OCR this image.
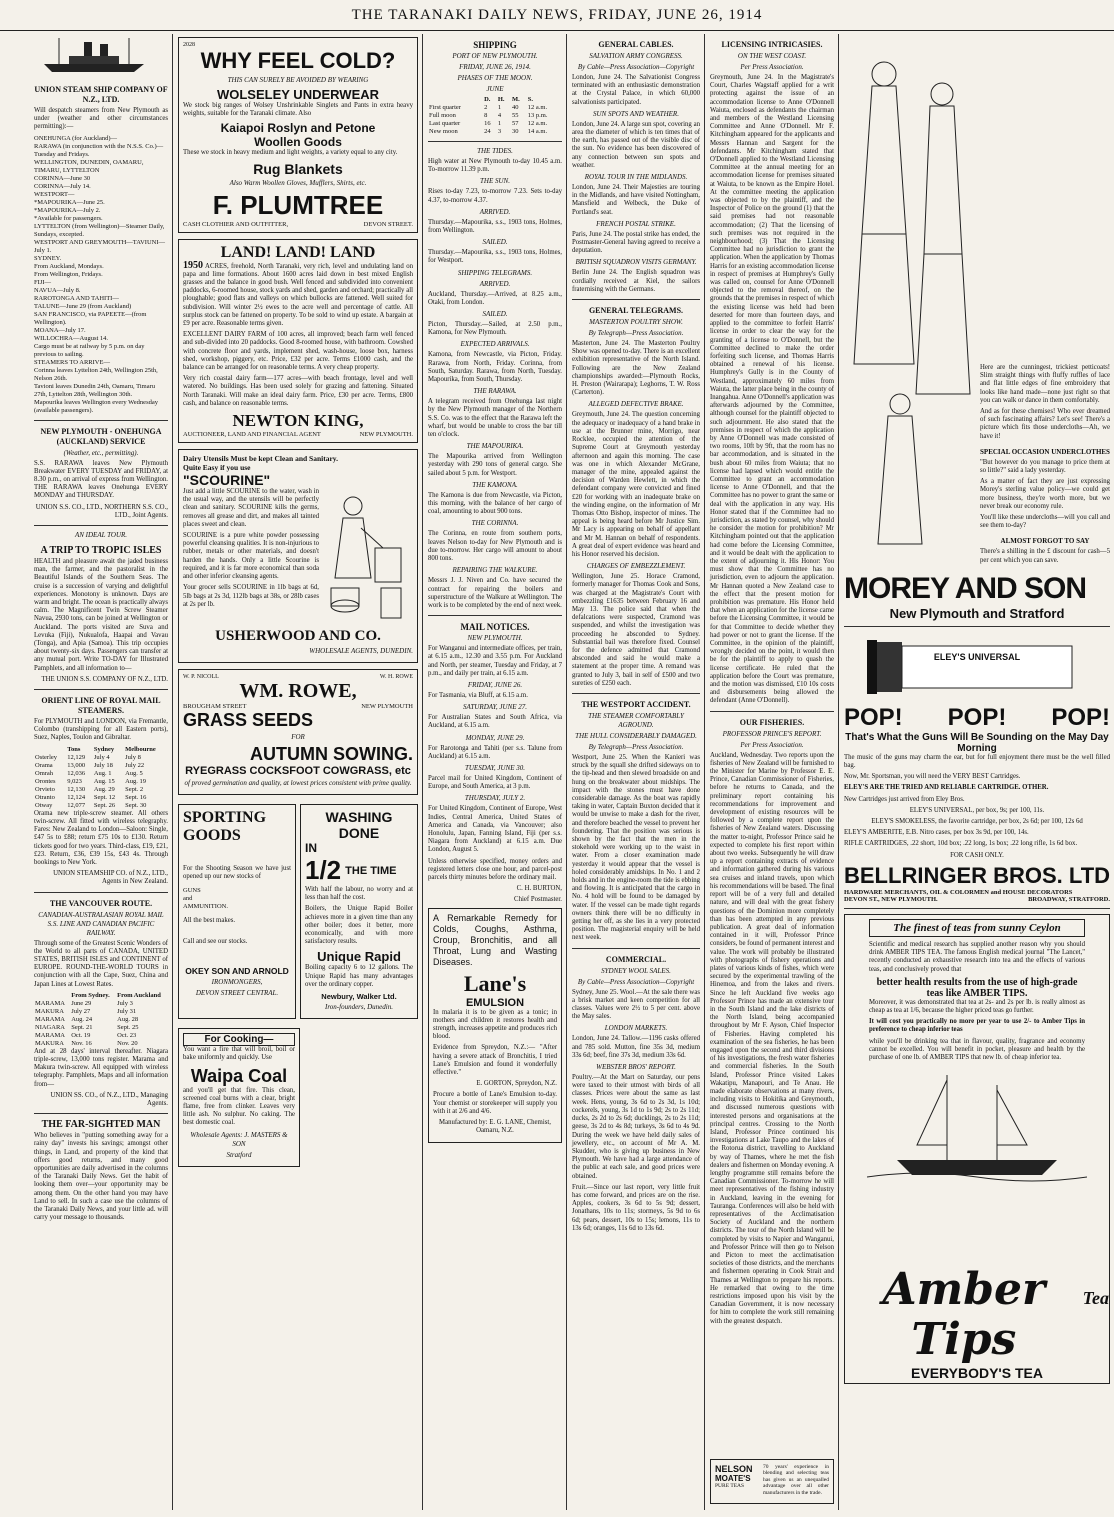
THE TARANAKI DAILY NEWS, FRIDAY, JUNE 26, 1914
UNION STEAM SHIP COMPANY OF N.Z., LTD.

Will despatch steamers from New Plymouth as under (weather and other circumstances permitting):—

ONEHUNGA (for Auckland)—
RARAWA (in conjunction with the N.S.S. Co.)—Tuesday and Fridays.
WELLINGTON, DUNEDIN, OAMARU, TIMARU, LYTTELTON
CORINNA—June 30
CORINNA—July 14.
WESTPORT—
*MAPOURIKA—June 25.
*MAPOURIKA—July 2.
*Available for passengers.
LYTTELTON (from Wellington)—Steamer Daily, Sundays, excepted.
WESTPORT AND GREYMOUTH—TAVIUNI—July 1.
SYDNEY.
From Auckland, Mondays.
From Wellington, Fridays.
FIJI—
NAVUA—July 8.
RAROTONGA AND TAHITI—
TALUNE—June 29 (from Auckland)
SAN FRANCISCO, via PAPEETE—(from Wellington).
MOANA—July 17.
WILLOCHRA—August 14.
Cargo must be at railway by 5 p.m. on day previous to sailing.
STEAMERS TO ARRIVE—
Corinna leaves Lyttelton 24th, Wellington 25th, Nelson 26th.
Tavioni leaves Dunedin 24th, Oamaru, Timaru 27th, Lyttelton 28th, Wellington 30th.
Mapourika leaves Wellington every Wednesday (available passengers).
NEW PLYMOUTH - ONEHUNGA (AUCKLAND) SERVICE
(Weather, etc., permitting).

S.S. RARAWA leaves New Plymouth Breakwater EVERY TUESDAY and FRIDAY, at 8.30 p.m., on arrival of express from Wellington. THE RARAWA leaves Onehunga EVERY MONDAY and THURSDAY.

UNION S.S. CO., LTD., NORTHERN S.S. CO., LTD., Joint Agents.

AN IDEAL TOUR.
A TRIP TO TROPIC ISLES

HEALTH and pleasure await the jaded business man, the farmer, and the pastoralist in the Beautiful Islands of the Southern Seas. The cruise is a succession of varying and delightful experiences. Monotony is unknown. Days are warm and bright. The ocean is practically always calm. The Magnificent Twin Screw Steamer Navua, 2930 tons, can be joined at Wellington or Auckland. The ports visited are Suva and Levuka (Fiji), Nukualofa, Haapai and Vavau (Tonga), and Apia (Samoa). This trip occupies about twenty-six days. Passengers can transfer at any mutual port. Write TO-DAY for Illustrated Pamphlets, and all information to—

THE UNION S.S. COMPANY OF N.Z., LTD.

ORIENT LINE OF ROYAL MAIL STEAMERS.

For PLYMOUTH and LONDON, via Fremantle, Colombo (transhipping for all Eastern ports), Suez, Naples, Toulon and Gibraltar.

	Tons	Sydney	Melbourne
Osterley	12,129	July 4	July 8
Orama	13,000	July 18	July 22
Omrah	12,036	Aug. 1	Aug. 5
Orontes	9,023	Aug. 15	Aug. 19
Orvieto	12,130	Aug. 29	Sept. 2
Otranto	12,124	Sept. 12	Sept. 16
Otway	12,077	Sept. 26	Sept. 30

Orama new triple-screw steamer. All others twin-screw. All fitted with wireless telegraphy. Fares: New Zealand to London—Saloon: Single, £47 5s to £88; return £75 10s to £130. Return tickets good for two years. Third-class, £19, £21, £23. Return, £36, £39 15s, £43 4s. Through bookings to New York.

UNION STEAMSHIP CO. of N.Z., LTD., Agents in New Zealand.

THE VANCOUVER ROUTE.
CANADIAN-AUSTRALASIAN ROYAL MAIL S.S. LINE AND CANADIAN PACIFIC RAILWAY.

Through some of the Greatest Scenic Wonders of the World to all parts of CANADA, UNITED STATES, BRITISH ISLES and CONTINENT of EUROPE. ROUND-THE-WORLD TOURS in conjunction with all the Cape, Suez, China and Japan Lines at Lowest Rates.

	From Sydney.	From Auckland
MARAMA	June 29	July 3
MAKURA	July 27	July 31
MARAMA	Aug. 24	Aug. 28
NIAGARA	Sept. 21	Sept. 25
MARAMA	Oct. 19	Oct. 23
MAKURA	Nov. 16	Nov. 20

And at 28 days' interval thereafter. Niagara triple-screw, 13,000 tons register. Marama and Makura twin-screw. All equipped with wireless telegraphy. Pamphlets, Maps and all information from—

UNION SS. CO., of N.Z., LTD., Managing Agents.

THE FAR-SIGHTED MAN

Who believes in "putting something away for a rainy day" invests his savings; amongst other things, in Land, and property of the kind that offers good returns, and many good opportunities are daily advertised in the columns of the Taranaki Daily News. Get the habit of looking them over—your opportunity may be among them. On the other hand you may have Land to sell. In such a case use the columns of the Taranaki Daily News, and your little ad. will carry your message to thousands.

2028
WHY FEEL COLD?
THIS CAN SURELY BE AVOIDED BY WEARING
WOLSELEY UNDERWEAR

We stock big ranges of Wolsey Unshrinkable Singlets and Pants in extra heavy weights, suitable for the Taranaki climate. Also

Kaiapoi Roslyn and Petone
Woollen Goods

These we stock in heavy medium and light weights, a variety equal to any city.

Rug Blankets
Also Warm Woollen Gloves, Mufflers, Shirts, etc.
F. PLUMTREE
CASH CLOTHIER AND OUTFITTER,	DEVON STREET.
LAND! LAND! LAND

1950 ACRES, freehold, North Taranaki, very rich, level and undulating land on papa and lime formations. About 1600 acres laid down in best mixed English grasses and the balance in good bush. Well fenced and subdivided into convenient paddocks, 6-roomed house, stock yards and shed, garden and orchard; practically all ploughable; good flats and valleys on which bullocks are fattened. Well suited for subdivision. Will winter 2½ ewes to the acre well and percentage of cattle. All surplus stock can be fattened on property. To be sold to wind up estate. A bargain at £9 per acre. Reasonable terms given.

EXCELLENT DAIRY FARM of 100 acres, all improved; beach farm well fenced and sub-divided into 20 paddocks. Good 8-roomed house, with bathroom. Cowshed with concrete floor and yards, implement shed, wash-house, loose box, harness shed, workshop, piggery, etc. Price, £32 per acre. Terms £1000 cash, and the balance can be arranged for on reasonable terms. A very cheap property.

Very rich coastal dairy farm—177 acres—with beach frontage, level and well watered. No buildings. Has been used solely for grazing and fattening. Situated North Taranaki. Will make an ideal dairy farm. Price, £30 per acre. Terms, £800 cash, and balance on reasonable terms.

NEWTON KING,
AUCTIONEER, LAND AND FINANCIAL AGENT	NEW PLYMOUTH.
Dairy Utensils Must be kept Clean and Sanitary.
Quite Easy if you use
"SCOURINE"

Just add a little SCOURINE to the water, wash in the usual way, and the utensils will be perfectly clean and sanitary. SCOURINE kills the germs, removes all grease and dirt, and makes all tainted places sweet and clean.

SCOURINE is a pure white powder possessing powerful cleansing qualities. It is non-injurious to rubber, metals or other materials, and doesn't harden the hands. Only a little Scourine is required, and it is far more economical than soda and other inferior cleansing agents.

Your grocer sells SCOURINE in 1lb bags at 6d, 5lb bags at 2s 3d, 112lb bags at 38s, or 28lb cases at 2s per lb.

USHERWOOD AND CO.
WHOLESALE AGENTS, DUNEDIN.
W. P. NICOLL	W. H. ROWE
WM. ROWE,
BROUGHAM STREET	NEW PLYMOUTH
GRASS SEEDS
FOR
AUTUMN SOWING.
RYEGRASS COCKSFOOT COWGRASS, etc
of proved germination and quality, at lowest prices consistent with prime quality.
SPORTING GOODS

For the Shooting Season we have just opened up our new stocks of

GUNS
and
AMMUNITION.

All the best makes.

Call and see our stocks.

OKEY SON AND ARNOLD
IRONMONGERS,
DEVON STREET CENTRAL.
WASHING DONE
IN
1/2 THE TIME

With half the labour, no worry and at less than half the cost.

Boilers, the Unique Rapid Boiler achieves more in a given time than any other boiler; does it better, more economically, and with more satisfactory results.

Unique Rapid

Boiling capacity 6 to 12 gallons. The Unique Rapid has many advantages over the ordinary copper.

Newbury, Walker Ltd.
Iron-founders, Dunedin.
For Cooking—

You want a fire that will broil, boil or bake uniformly and quickly. Use

Waipa Coal

and you'll get that fire. This clean, screened coal burns with a clear, bright flame, free from clinker. Leaves very little ash. No sulphur. No caking. The best domestic coal.

Wholesale Agents: J. MASTERS & SON
Stratford
SHIPPING
PORT OF NEW PLYMOUTH.
FRIDAY, JUNE 26, 1914.
PHASES OF THE MOON.
JUNE
	D.	H.	M.	S.
First quarter	2	1	40	12 a.m.
Full moon	8	4	55	13 p.m.
Last quarter	16	1	57	12 a.m.
New moon	24	3	30	14 a.m.
THE TIDES.

High water at New Plymouth to-day 10.45 a.m. To-morrow 11.39 p.m.

THE SUN.

Rises to-day 7.23, to-morrow 7.23. Sets to-day 4.37, to-morrow 4.37.

ARRIVED.

Thursday.—Mapourika, s.s., 1903 tons, Holmes, from Wellington.

SAILED.

Thursday.—Mapourika, s.s., 1903 tons, Holmes, for Westport.

SHIPPING TELEGRAMS.
ARRIVED.

Auckland, Thursday.—Arrived, at 8.25 a.m., Otaki, from London.

SAILED.

Picton, Thursday.—Sailed, at 2.50 p.m., Kamona, for New Plymouth.

EXPECTED ARRIVALS.

Kamona, from Newcastle, via Picton, Friday. Rarawa, from North, Friday. Corinna, from South, Saturday. Rarawa, from North, Tuesday. Mapourika, from South, Thursday.

THE RARAWA.

A telegram received from Onehunga last night by the New Plymouth manager of the Northern S.S. Co. was to the effect that the Rarawa left the wharf, but would be unable to cross the bar till ten o'clock.

THE MAPOURIKA.

The Mapourika arrived from Wellington yesterday with 290 tons of general cargo. She sailed about 5 p.m. for Westport.

THE KAMONA.

The Kamona is due from Newcastle, via Picton, this morning, with the balance of her cargo of coal, amounting to about 900 tons.

THE CORINNA.

The Corinna, en route from southern ports, leaves Nelson to-day for New Plymouth and is due to-morrow. Her cargo will amount to about 800 tons.

REPAIRING THE WALKURE.

Messrs J. J. Niven and Co. have secured the contract for repairing the boilers and superstructure of the Walkure at Wellington. The work is to be completed by the end of next week.

MAIL NOTICES.
NEW PLYMOUTH.

For Wanganui and intermediate offices, per train, at 6.15 a.m., 12.30 and 3.55 p.m. For Auckland and North, per steamer, Tuesday and Friday, at 7 p.m., and daily per train, at 6.15 a.m.

FRIDAY, JUNE 26.

For Tasmania, via Bluff, at 6.15 a.m.

SATURDAY, JUNE 27.

For Australian States and South Africa, via Auckland, at 6.15 a.m.

MONDAY, JUNE 29.

For Rarotonga and Tahiti (per s.s. Talune from Auckland) at 6.15 a.m.

TUESDAY, JUNE 30.

Parcel mail for United Kingdom, Continent of Europe, and South America, at 3 p.m.

THURSDAY, JULY 2.

For United Kingdom, Continent of Europe, West Indies, Central America, United States of America and Canada, via Vancouver; also Honolulu, Japan, Fanning Island, Fiji (per s.s. Niagara from Auckland) at 6.15 a.m. Due London, August 5.

Unless otherwise specified, money orders and registered letters close one hour, and parcel-post parcels thirty minutes before the ordinary mail.

C. H. BURTON,

Chief Postmaster.

A Remarkable Remedy for Colds, Coughs, Asthma, Croup, Bronchitis, and all Throat, Lung and Wasting Diseases.

Lane's
EMULSION

In malaria it is to be given as a tonic; in mothers and children it restores health and strength, increases appetite and produces rich blood.

Evidence from Spreydon, N.Z.:— "After having a severe attack of Bronchitis, I tried Lane's Emulsion and found it wonderfully effective."

E. GORTON, Spreydon, N.Z.

Procure a bottle of Lane's Emulsion to-day. Your chemist or storekeeper will supply you with it at 2/6 and 4/6.

Manufactured by: E. G. LANE, Chemist, Oamaru, N.Z.

GENERAL CABLES.
SALVATION ARMY CONGRESS.
By Cable—Press Association—Copyright

London, June 24. The Salvationist Congress terminated with an enthusiastic demonstration at the Crystal Palace, in which 60,000 salvationists participated.

SUN SPOTS AND WEATHER.

London, June 24. A large sun spot, covering an area the diameter of which is ten times that of the earth, has passed out of the visible disc of the sun. No evidence has been discovered of any connection between sun spots and weather.

ROYAL TOUR IN THE MIDLANDS.

London, June 24. Their Majesties are touring in the Midlands, and have visited Nottingham, Mansfield and Welbeck, the Duke of Portland's seat.

FRENCH POSTAL STRIKE.

Paris, June 24. The postal strike has ended, the Postmaster-General having agreed to receive a deputation.

BRITISH SQUADRON VISITS GERMANY.

Berlin June 24. The English squadron was cordially received at Kiel, the sailors fraternising with the Germans.

GENERAL TELEGRAMS.
MASTERTON POULTRY SHOW.
By Telegraph—Press Association.

Masterton, June 24. The Masterton Poultry Show was opened to-day. There is an excellent exhibition representative of the North Island. Following are the New Zealand championships awarded:—Plymouth Rocks, H. Preston (Wairarapa); Leghorns, T. W. Ross (Carterton).

ALLEGED DEFECTIVE BRAKE.

Greymouth, June 24. The question concerning the adequacy or inadequacy of a hand brake in use at the Brunner mine, Morrigo, near Rocklee, occupied the attention of the Supreme Court at Greymouth yesterday afternoon and again this morning. The case was one in which Alexander McGrane, manager of the mine, appealed against the decision of Warden Hewlett, in which the defendant company were convicted and fined £20 for working with an inadequate brake on the winding engine, on the information of Mr Thomas Otto Bishop, inspector of mines. The appeal is being heard before Mr Justice Sim. Mr Lacy is appearing on behalf of appellant and Mr M. Hannan on behalf of respondents. A great deal of expert evidence was heard and his Honor reserved his decision.

CHARGES OF EMBEZZLEMENT.

Wellington, June 25. Horace Cramond, formerly manager for Thomas Cook and Sons, was charged at the Magistrate's Court with embezzling £1635 between February 16 and May 13. The police said that when the defalcations were suspected, Cramond was suspended, and whilst the investigation was proceeding he absconded to Sydney. Substantial bail was therefore fixed. Counsel for the defence admitted that Cramond absconded and said he would make a statement at the proper time. A remand was granted to July 3, bail in self of £500 and two sureties of £250 each.

THE WESTPORT ACCIDENT.
THE STEAMER COMFORTABLY AGROUND.
THE HULL CONSIDERABLY DAMAGED.
By Telegraph—Press Association.

Westport, June 25. When the Kanieri was struck by the squall she drifted sideways on to the tip-head and then slewed broadside on and hung on the breakwater about midships. The impact with the stones must have done considerable damage. As the boat was rapidly taking in water, Captain Buxton decided that it would be unwise to make a dash for the river, and therefore beached the vessel to prevent her foundering. That the position was serious is shown by the fact that the men in the stokehold were working up to the waist in water. From a closer examination made yesterday it would appear that the vessel is holed considerably amidships. In No. 1 and 2 holds and in the engine-room the tide is ebbing and flowing. It is anticipated that the cargo in No. 4 hold will be found to be damaged by water. If the vessel can be made tight regards owners think there will be no difficulty in getting her off, as she lies in a very protected position. The magisterial enquiry will be held next week.

COMMERCIAL.
SYDNEY WOOL SALES.
By Cable—Press Association—Copyright

Sydney, June 25. Wool.—At the sale there was a brisk market and keen competition for all classes. Values were 2½ to 5 per cent. above the May sales.

LONDON MARKETS.

London, June 24. Tallow.—1196 casks offered and 785 sold. Mutton, fine 35s 3d, medium 33s 6d; beef, fine 37s 3d, medium 33s 6d.

WEBSTER BROS' REPORT.

Poultry.—At the Mart on Saturday, our pens were taxed to their utmost with birds of all classes. Prices were about the same as last week. Hens, young, 3s 6d to 2s 3d, 1s 10d; cockerels, young, 3s 1d to 1s 9d; 2s to 2s 11d; ducks, 2s 2d to 2s 6d; ducklings, 2s to 2s 11d; geese, 3s 2d to 4s 8d; turkeys, 3s 6d to 4s 9d. During the week we have held daily sales of jewellery, etc., on account of Mr A. M. Skudder, who is giving up business in New Plymouth. We have had a large attendance of the public at each sale, and good prices were obtained.

Fruit.—Since our last report, very little fruit has come forward, and prices are on the rise. Apples, cookers, 3s 6d to 5s 9d; dessert, Jonathans, 10s to 11s; stormeys, 5s 9d to 6s 6d; pears, dessert, 10s to 15s; lemons, 11s to 13s 6d; oranges, 11s 6d to 13s 6d.

LICENSING INTRICASIES.
ON THE WEST COAST.
Per Press Association.

Greymouth, June 24. In the Magistrate's Court, Charles Wagstaff applied for a writ protecting against the issue of an accommodation license to Anne O'Donnell Waiuta, enclosed as defendants the chairman and members of the Westland Licensing Committee and Anne O'Donnell. Mr F. Kitchingham appeared for the applicants and Messrs Hannan and Sargent for the defendants. Mr Kitchingham stated that O'Donnell applied to the Westland Licensing Committee at the annual meeting for an accommodation license for premises situated at Waiuta, to be known as the Empire Hotel. At the committee meeting the application was objected to by the plaintiff, and the Inspector of Police on the ground (1) that the said premises had not reasonable accommodation; (2) That the licensing of such premises was not required in the neighbourhood; (3) That the Licensing Committee had no jurisdiction to grant the application. When the application by Thomas Harris for an existing accommodation license in respect of premises at Humphrey's Gully was called on, counsel for Anne O'Donnell objected to the removal thereof, on the grounds that the premises in respect of which the existing license was held had been deserted for more than fourteen days, and applied to the committee to forfeit Harris' license in order to clear the way for the granting of a license to O'Donnell, but the Committee declined to make the order forfeiting such license, and Thomas Harris obtained a renewal of his license. Humphrey's Gully is in the County of Westland, approximately 60 miles from Waiuta, the latter place being in the county of Inangahua. Anne O'Donnell's application was afterwards adjourned by the Committee, although counsel for the plaintiff objected to such adjournment. He also stated that the premises in respect of which the application by Anne O'Donnell was made consisted of two rooms, 10ft by 9ft, that the room has no bar accommodation, and is situated in the bush about 60 miles from Waiuta; that no license had lapsed which would entitle the Committee to grant an accommodation license to Anne O'Donnell, and that the Committee has no power to grant the same or deal with the application in any way. His Honor stated that if the Committee had no jurisdiction, as stated by counsel, why should he consider the motion for prohibition? Mr Kitchingham pointed out that the application had come before the Licensing Committee, and it would be dealt with the application to the extent of adjourning it. His Honor: You must show that the Committee has no jurisdiction, even to adjourn the application. Mr Hannan quoted a New Zealand case to the effect that the present motion for prohibition was premature. His Honor held that when an application for the license came before the Licensing Committee, it would be for that Committee to decide whether they had power or not to grant the license. If the Committee, in the opinion of the plaintiff, wrongly decided on the point, it would then be for the plaintiff to apply to quash the license certificate. He ruled that the application before the Court was premature, and the motion was dismissed, £10 10s costs and disbursements being allowed the defendant (Anne O'Donnell).

OUR FISHERIES.
PROFESSOR PRINCE'S REPORT.
Per Press Association.

Auckland, Wednesday. Two reports upon the fisheries of New Zealand will be furnished to the Minister for Marine by Professor E. E. Prince, Canadian Commissioner of Fisheries, before he returns to Canada, and the preliminary report containing his recommendations for improvement and development of existing resources will be followed by a complete report upon the fisheries of New Zealand waters. Discussing the matter to-night, Professor Prince said he expected to complete his first report within about two weeks. Subsequently he will draw up a report containing extracts of evidence and information gathered during his various sea cruises and inland travels, upon which his recommendations will be based. The final report will be of a very full and detailed nature, and will deal with the great fishery questions of the Dominion more completely than has been attempted in any previous publication. A great deal of information contained in it will, Professor Prince considers, be found of permanent interest and value. The work will probably be illustrated with photographs of fishery operations and plates of various kinds of fishes, which were secured by the experimental trawling of the Hinemoa, and from the lakes and rivers. Since he left Auckland five weeks ago Professor Prince has made an extensive tour in the South Island and the lake districts of the North Island, being accompanied throughout by Mr F. Ayson, Chief Inspector of Fisheries. Having completed his examination of the sea fisheries, he has been engaged upon the second and third divisions of his investigations, the fresh water fisheries and commercial fisheries. In the South Island, Professor Prince visited Lakes Wakatipu, Manapouri, and Te Anau. He made elaborate observations at many rivers, including visits to Hokitika and Greymouth, and discussed numerous questions with interested persons and organisations at the principal centres. Crossing to the North Island, Professor Prince continued his investigations at Lake Taupo and the lakes of the Rotorua district, travelling to Auckland by way of Thames, where he met the fish dealers and fishermen on Monday evening. A lengthy programme still remains before the Canadian Commissioner. To-morrow he will meet representatives of the fishing industry in Auckland, leaving in the evening for Tauranga. Conferences will also be held with representatives of the Acclimatisation Society of Auckland and the northern districts. The tour of the North Island will be completed by visits to Napier and Wanganui, and Professor Prince will then go to Nelson and Picton to meet the acclimatisation societies of those districts, and the merchants and fishermen operating in Cook Strait and Thames at Wellington to prepare his reports. He remarked that owing to the time restrictions imposed upon his visit by the Canadian Government, it is now necessary for him to complete the work still remaining with the greatest despatch.

NELSON
MOATE'S
PURE TEAS

70 years' experience in blending and selecting teas has given us an unequalled advantage over all other manufacturers in the trade.

Here are the cunningest, trickiest petticoats! Slim straight things with fluffy ruffles of lace and flat little edges of fine embroidery that looks like hand made—none just right so that you can walk or dance in them comfortably.

And as for these chemises! Who ever dreamed of such fascinating affairs? Let's see! There's a picture which fits those undercloths—Ah, we have it!

SPECIAL OCCASION UNDERCLOTHES

"But however do you manage to price them at so little?" said a lady yesterday.

As a matter of fact they are just expressing Morey's sterling value policy—we could get more business, they're worth more, but we never break our economy rule.

You'll like these undercloths—will you call and see them to-day?

ALMOST FORGOT TO SAY

There's a shilling in the £ discount for cash—5 per cent which you can save.

MOREY AND SON
New Plymouth and Stratford
ELEY'S UNIVERSAL
POP! POP! POP!
That's What the Guns Will Be Sounding on the May Day Morning

The music of the guns may charm the ear, but for full enjoyment there must be the well filled bag.

Now, Mr. Sportsman, you will need the VERY BEST Cartridges.

ELEY'S ARE THE TRIED AND RELIABLE CARTRIDGE. OTHER.

New Cartridges just arrived from Eley Bros.

ELEY'S UNIVERSAL, per box, 9s; per 100, 11s.

ELEY'S SMOKELESS, the favorite cartridge, per box, 2s 6d; per 100, 12s 6d

ELEY'S AMBERITE, E.B. Nitro cases, per box 3s 9d, per 100, 14s.

RIFLE CARTRIDGES, .22 short, 10d box; .22 long, 1s box; .22 long rifle, 1s 6d box.

FOR CASH ONLY.

BELLRINGER BROS. LTD
HARDWARE MERCHANTS, OIL & COLORMEN and HOUSE DECORATORS
DEVON ST., NEW PLYMOUTH.	BROADWAY, STRATFORD.
The finest of teas from sunny Ceylon

Scientific and medical research has supplied another reason why you should drink AMBER TIPS TEA. The famous English medical journal "The Lancet," recently conducted an exhaustive research into tea and the effects of various teas, and conclusively proved that

better health results from the use of high-grade teas like AMBER TIPS.

Moreover, it was demonstrated that tea at 2s- and 2s per lb. is really almost as cheap as tea at 1/6, because the higher priced teas go further.

It will cost you practically no more per year to use 2/- to Amber Tips in preference to cheap inferior teas

while you'll be drinking tea that in flavour, quality, fragrance and economy cannot be excelled. You will benefit in pocket, pleasure and health by the purchase of one lb. of AMBER TIPS that new lb. of cheap inferior tea.

Amber Tips
Tea
EVERYBODY'S TEA
